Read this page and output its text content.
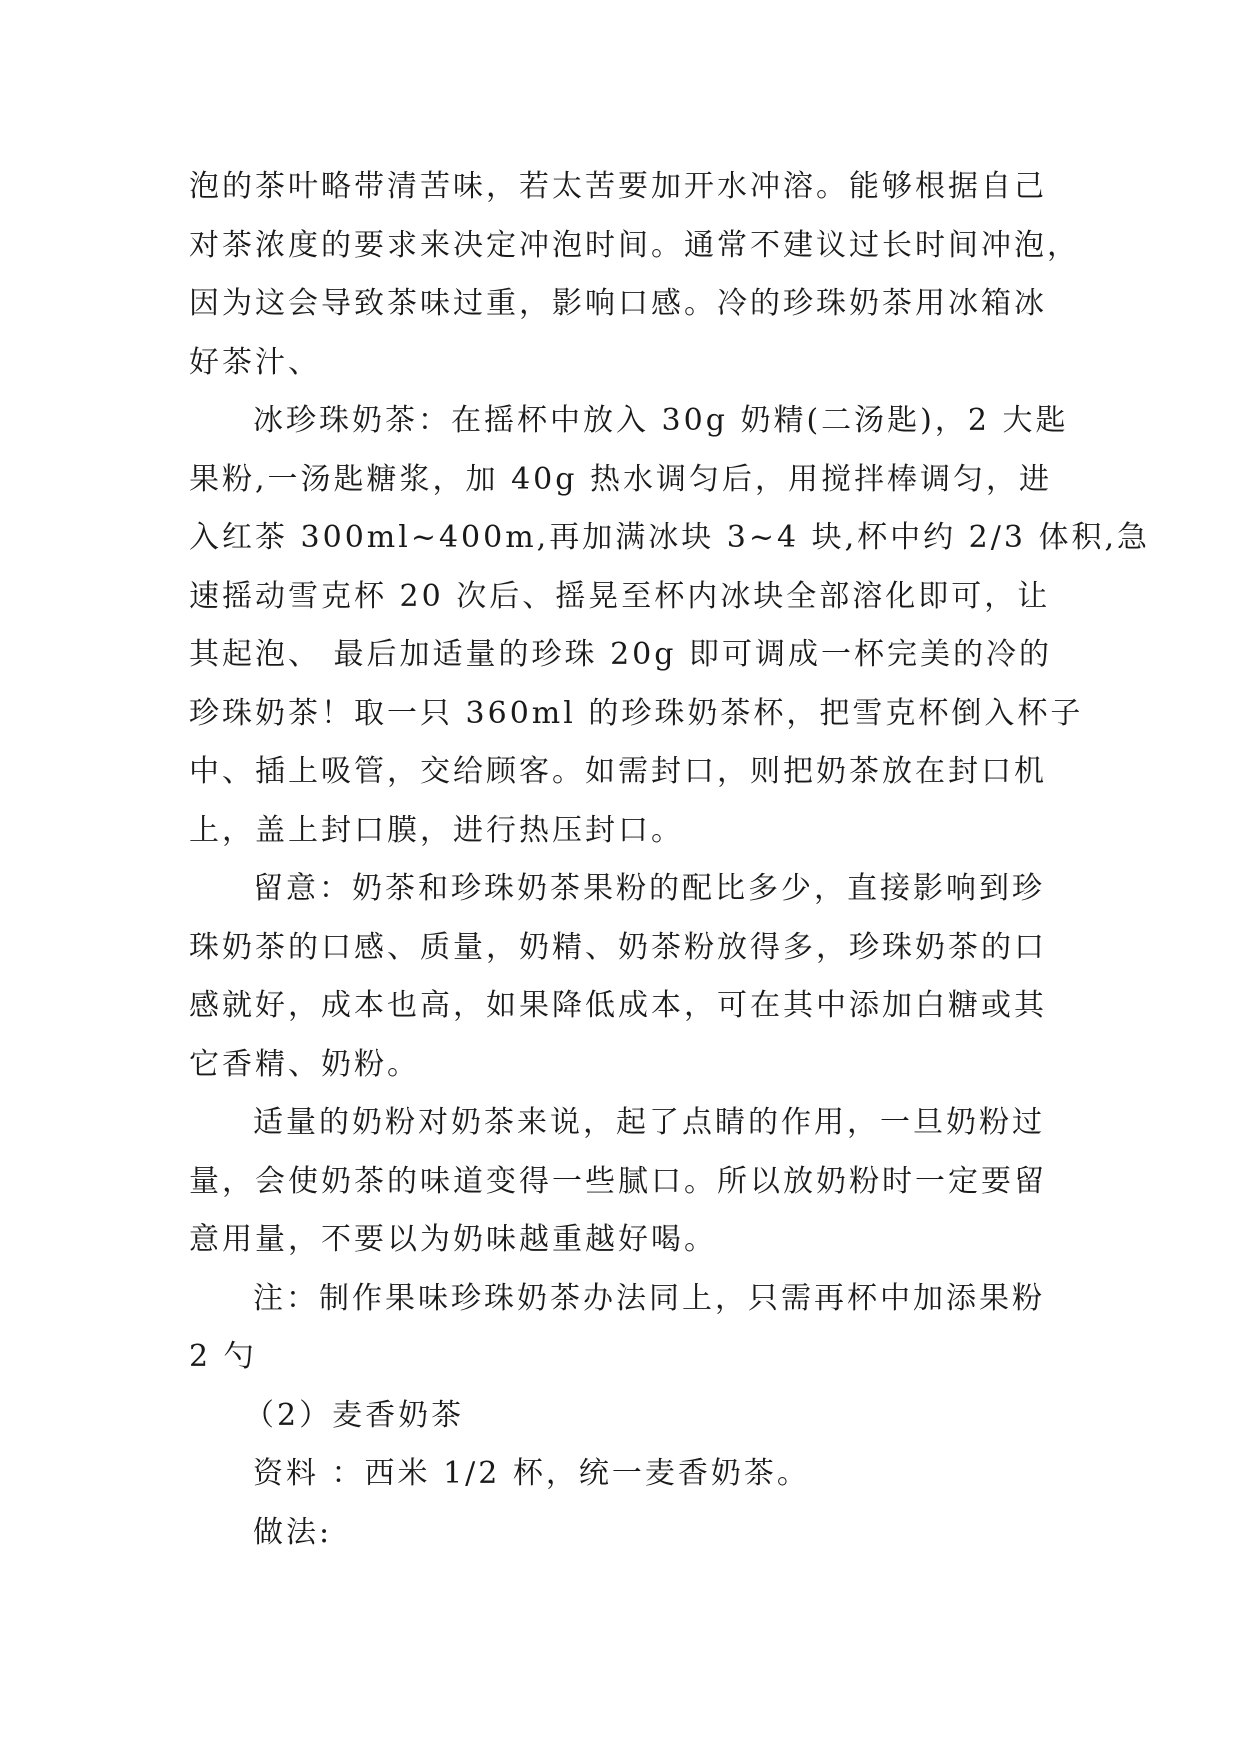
泡的茶叶略带清苦味，若太苦要加开水冲溶。能够根据自己
对茶浓度的要求来决定冲泡时间。通常不建议过长时间冲泡，
因为这会导致茶味过重，影响口感。冷的珍珠奶茶用冰箱冰
好茶汁、
冰珍珠奶茶：在摇杯中放入 30g 奶精(二汤匙)，2 大匙
果粉,一汤匙糖浆，加 40g 热水调匀后，用搅拌棒调匀，进
入红茶 300ml~400m,再加满冰块 3~4 块,杯中约 2/3 体积,急
速摇动雪克杯 20 次后、摇晃至杯内冰块全部溶化即可，让
其起泡、 最后加适量的珍珠 20g 即可调成一杯完美的冷的
珍珠奶茶！取一只 360ml 的珍珠奶茶杯，把雪克杯倒入杯子
中、插上吸管，交给顾客。如需封口，则把奶茶放在封口机
上，盖上封口膜，进行热压封口。
留意：奶茶和珍珠奶茶果粉的配比多少，直接影响到珍
珠奶茶的口感、质量，奶精、奶茶粉放得多，珍珠奶茶的口
感就好，成本也高，如果降低成本，可在其中添加白糖或其
它香精、奶粉。
适量的奶粉对奶茶来说，起了点睛的作用，一旦奶粉过
量，会使奶茶的味道变得一些腻口。所以放奶粉时一定要留
意用量，不要以为奶味越重越好喝。
注：制作果味珍珠奶茶办法同上，只需再杯中加添果粉
2 勺
（2）麦香奶茶
资料 ：西米 1/2 杯，统一麦香奶茶。
做法:
